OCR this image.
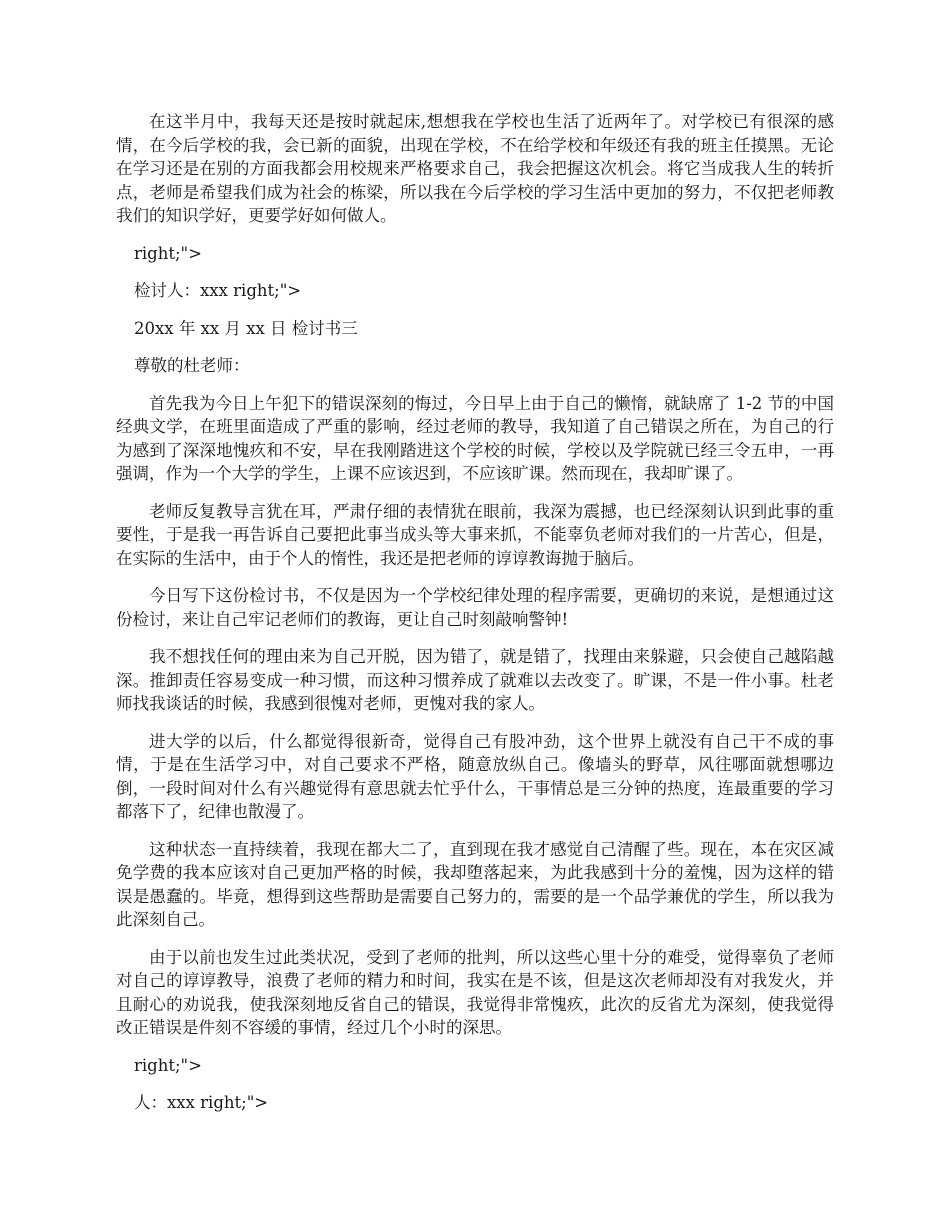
在这半月中，我每天还是按时就起床,想想我在学校也生活了近两年了。对学校已有很深的感情，在今后学校的我，会已新的面貌，出现在学校，不在给学校和年级还有我的班主任摸黑。无论在学习还是在别的方面我都会用校规来严格要求自己，我会把握这次机会。将它当成我人生的转折点，老师是希望我们成为社会的栋梁，所以我在今后学校的学习生活中更加的努力，不仅把老师教我们的知识学好，更要学好如何做人。

right;">

检讨人：xxx right;">

20xx 年 xx 月 xx 日 检讨书三

尊敬的杜老师：

首先我为今日上午犯下的错误深刻的悔过，今日早上由于自己的懒惰，就缺席了 1-2 节的中国经典文学，在班里面造成了严重的影响，经过老师的教导，我知道了自己错误之所在，为自己的行为感到了深深地愧疚和不安，早在我刚踏进这个学校的时候，学校以及学院就已经三令五申，一再强调，作为一个大学的学生，上课不应该迟到，不应该旷课。然而现在，我却旷课了。

老师反复教导言犹在耳，严肃仔细的表情犹在眼前，我深为震撼，也已经深刻认识到此事的重要性，于是我一再告诉自己要把此事当成头等大事来抓，不能辜负老师对我们的一片苦心，但是，在实际的生活中，由于个人的惰性，我还是把老师的谆谆教诲抛于脑后。

今日写下这份检讨书，不仅是因为一个学校纪律处理的程序需要，更确切的来说，是想通过这份检讨，来让自己牢记老师们的教诲，更让自己时刻敲响警钟!

我不想找任何的理由来为自己开脱，因为错了，就是错了，找理由来躲避，只会使自己越陷越深。推卸责任容易变成一种习惯，而这种习惯养成了就难以去改变了。旷课，不是一件小事。杜老师找我谈话的时候，我感到很愧对老师，更愧对我的家人。

进大学的以后，什么都觉得很新奇，觉得自己有股冲劲，这个世界上就没有自己干不成的事情，于是在生活学习中，对自己要求不严格，随意放纵自己。像墙头的野草，风往哪面就想哪边倒，一段时间对什么有兴趣觉得有意思就去忙乎什么，干事情总是三分钟的热度，连最重要的学习都落下了，纪律也散漫了。

这种状态一直持续着，我现在都大二了，直到现在我才感觉自己清醒了些。现在，本在灾区减免学费的我本应该对自己更加严格的时候，我却堕落起来，为此我感到十分的羞愧，因为这样的错误是愚蠢的。毕竟，想得到这些帮助是需要自己努力的，需要的是一个品学兼优的学生，所以我为此深刻自己。

由于以前也发生过此类状况，受到了老师的批判，所以这些心里十分的难受，觉得辜负了老师对自己的谆谆教导，浪费了老师的精力和时间，我实在是不该，但是这次老师却没有对我发火，并且耐心的劝说我，使我深刻地反省自己的错误，我觉得非常愧疚，此次的反省尤为深刻，使我觉得改正错误是件刻不容缓的事情，经过几个小时的深思。

right;">

人：xxx right;">
